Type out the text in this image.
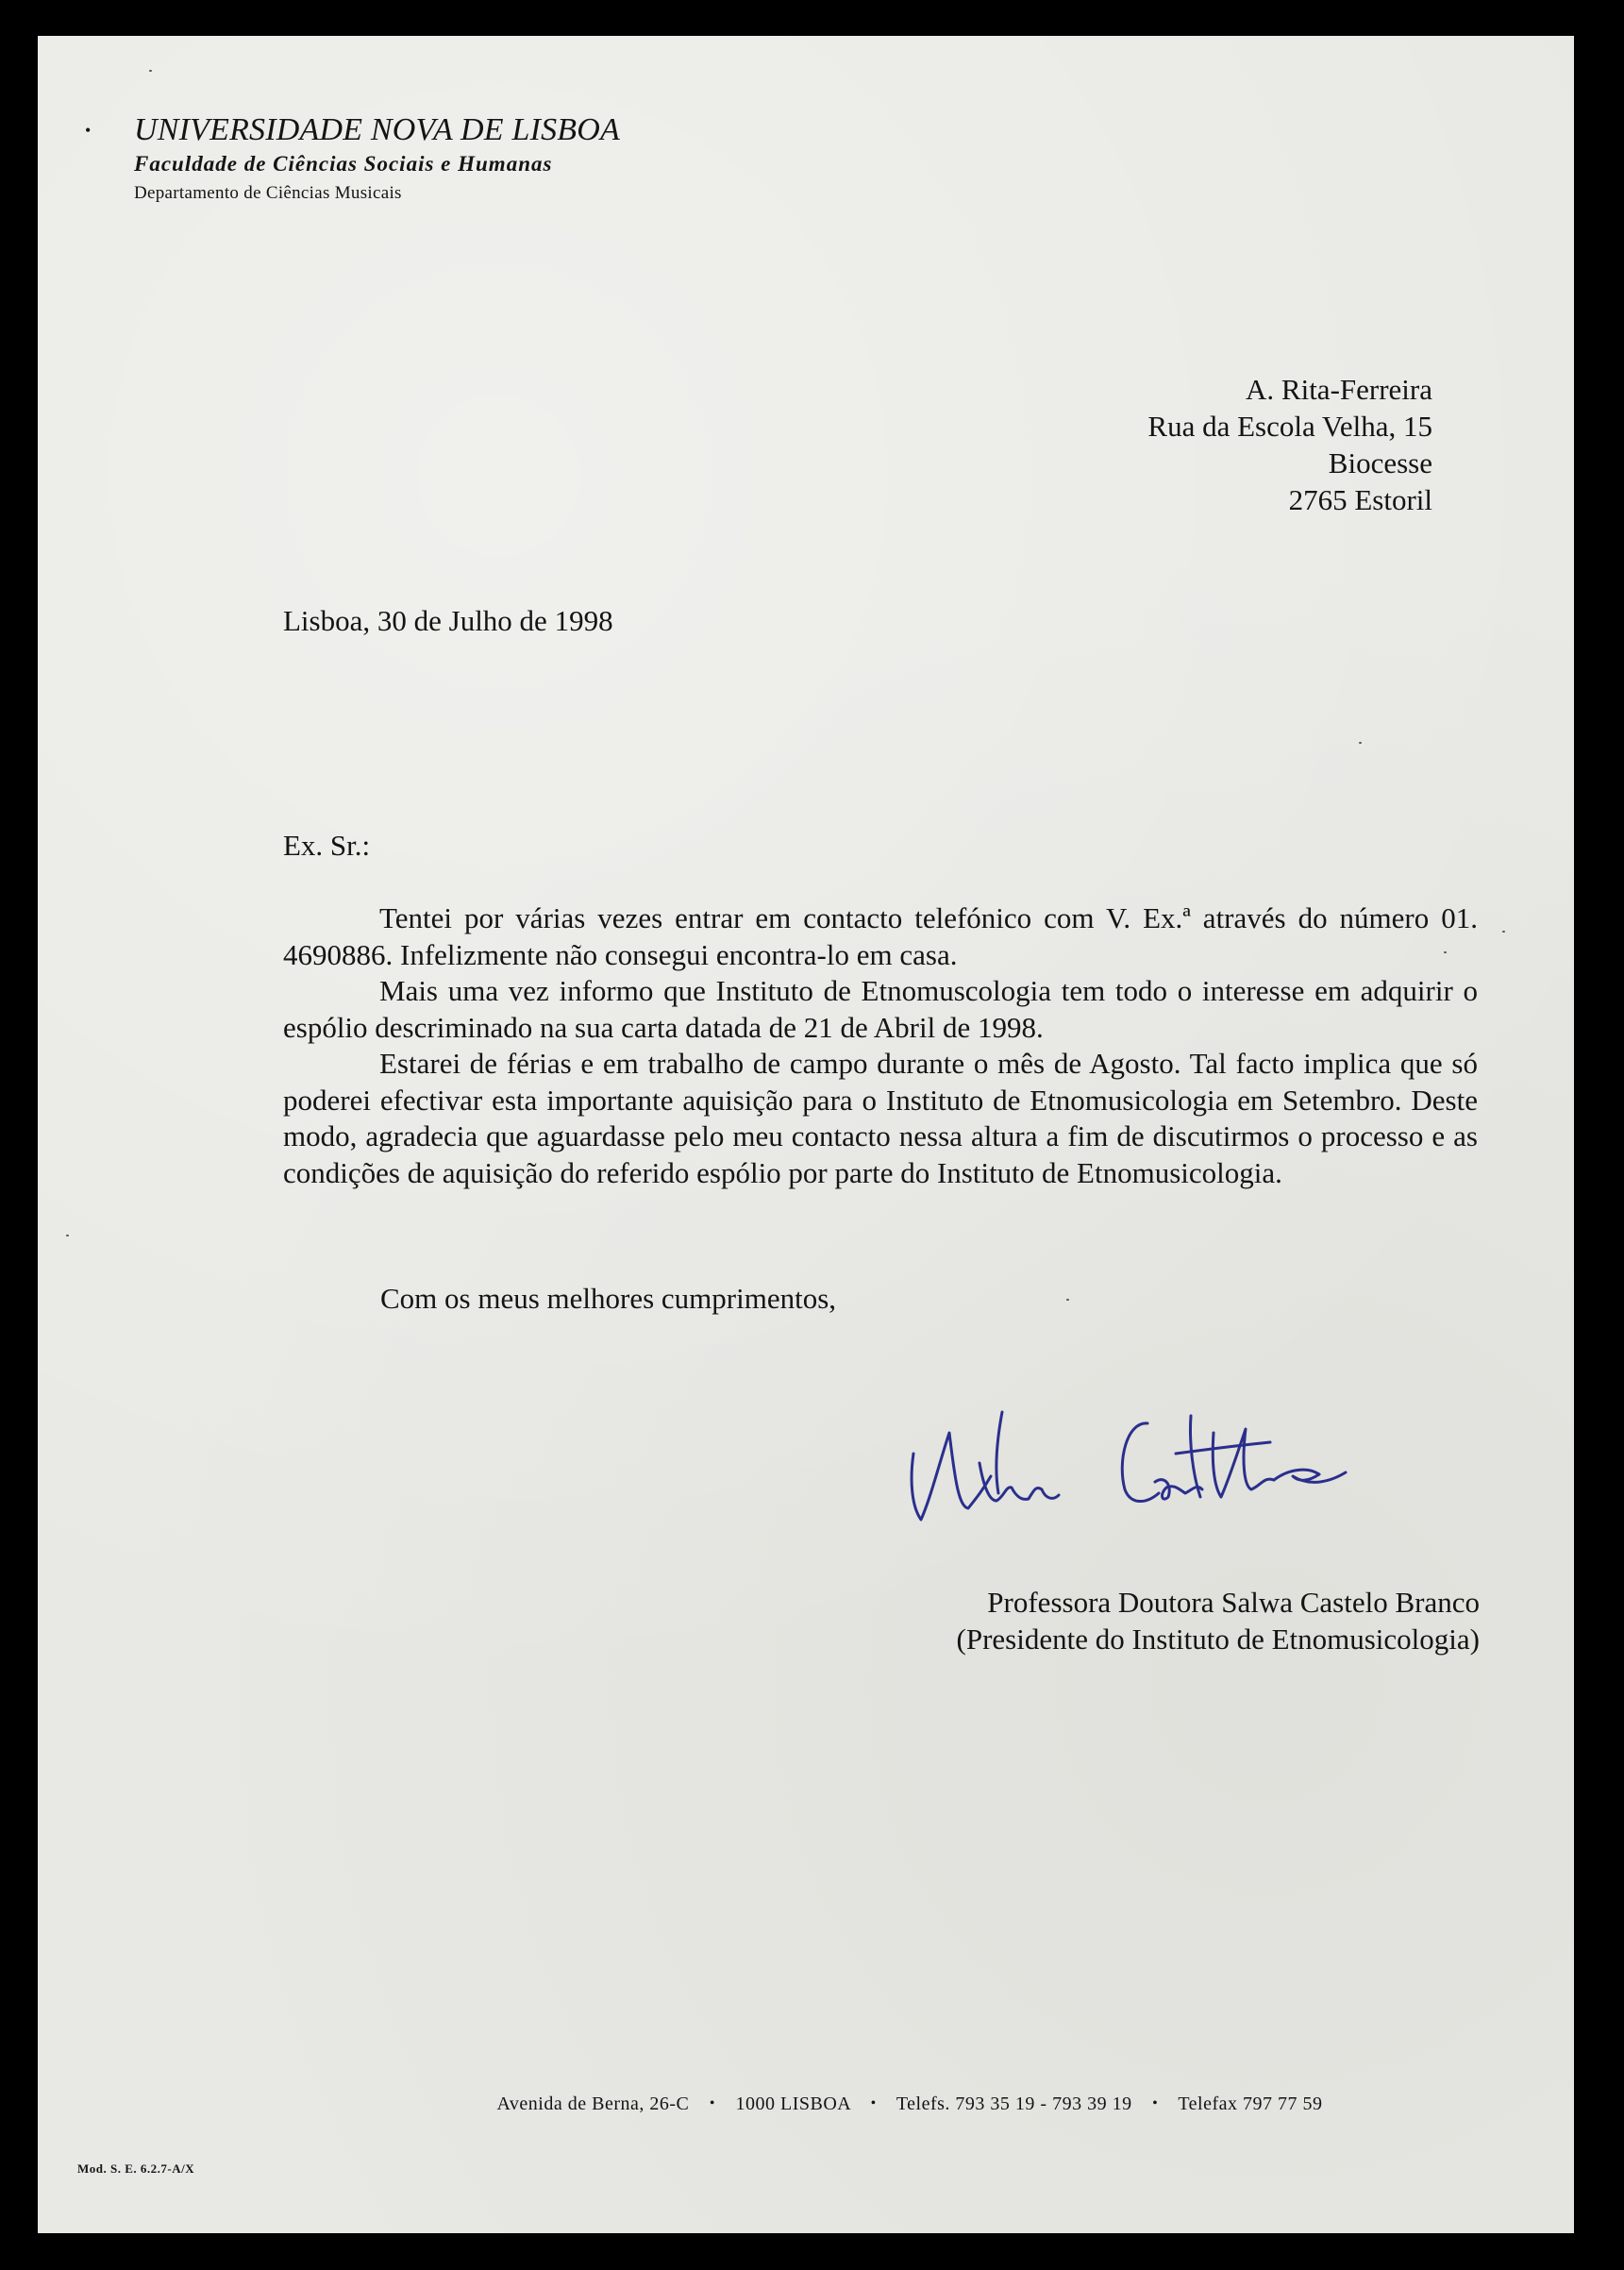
• UNIVERSIDADE NOVA DE LISBOA
Faculdade de Ciências Sociais e Humanas
Departamento de Ciências Musicais
A. Rita-Ferreira
Rua da Escola Velha, 15
Biocesse
2765 Estoril
Lisboa, 30 de Julho de 1998
Ex. Sr.:

Tentei por várias vezes entrar em contacto telefónico com V. Ex.ª através do número 01. 4690886. Infelizmente não consegui encontra-lo em casa.

Mais uma vez informo que Instituto de Etnomuscologia tem todo o interesse em adquirir o espólio descriminado na sua carta datada de 21 de Abril de 1998.

Estarei de férias e em trabalho de campo durante o mês de Agosto. Tal facto implica que só poderei efectivar esta importante aquisição para o Instituto de Etnomusicologia em Setembro. Deste modo, agradecia que aguardasse pelo meu contacto nessa altura a fim de discutirmos o processo e as condições de aquisição do referido espólio por parte do Instituto de Etnomusicologia.

Com os meus melhores cumprimentos,
Professora Doutora Salwa Castelo Branco
(Presidente do Instituto de Etnomusicologia)
Avenida de Berna, 26-C • 1000 LISBOA • Telefs. 793 35 19 - 793 39 19 • Telefax 797 77 59
Mod. S. E. 6.2.7-A/X
